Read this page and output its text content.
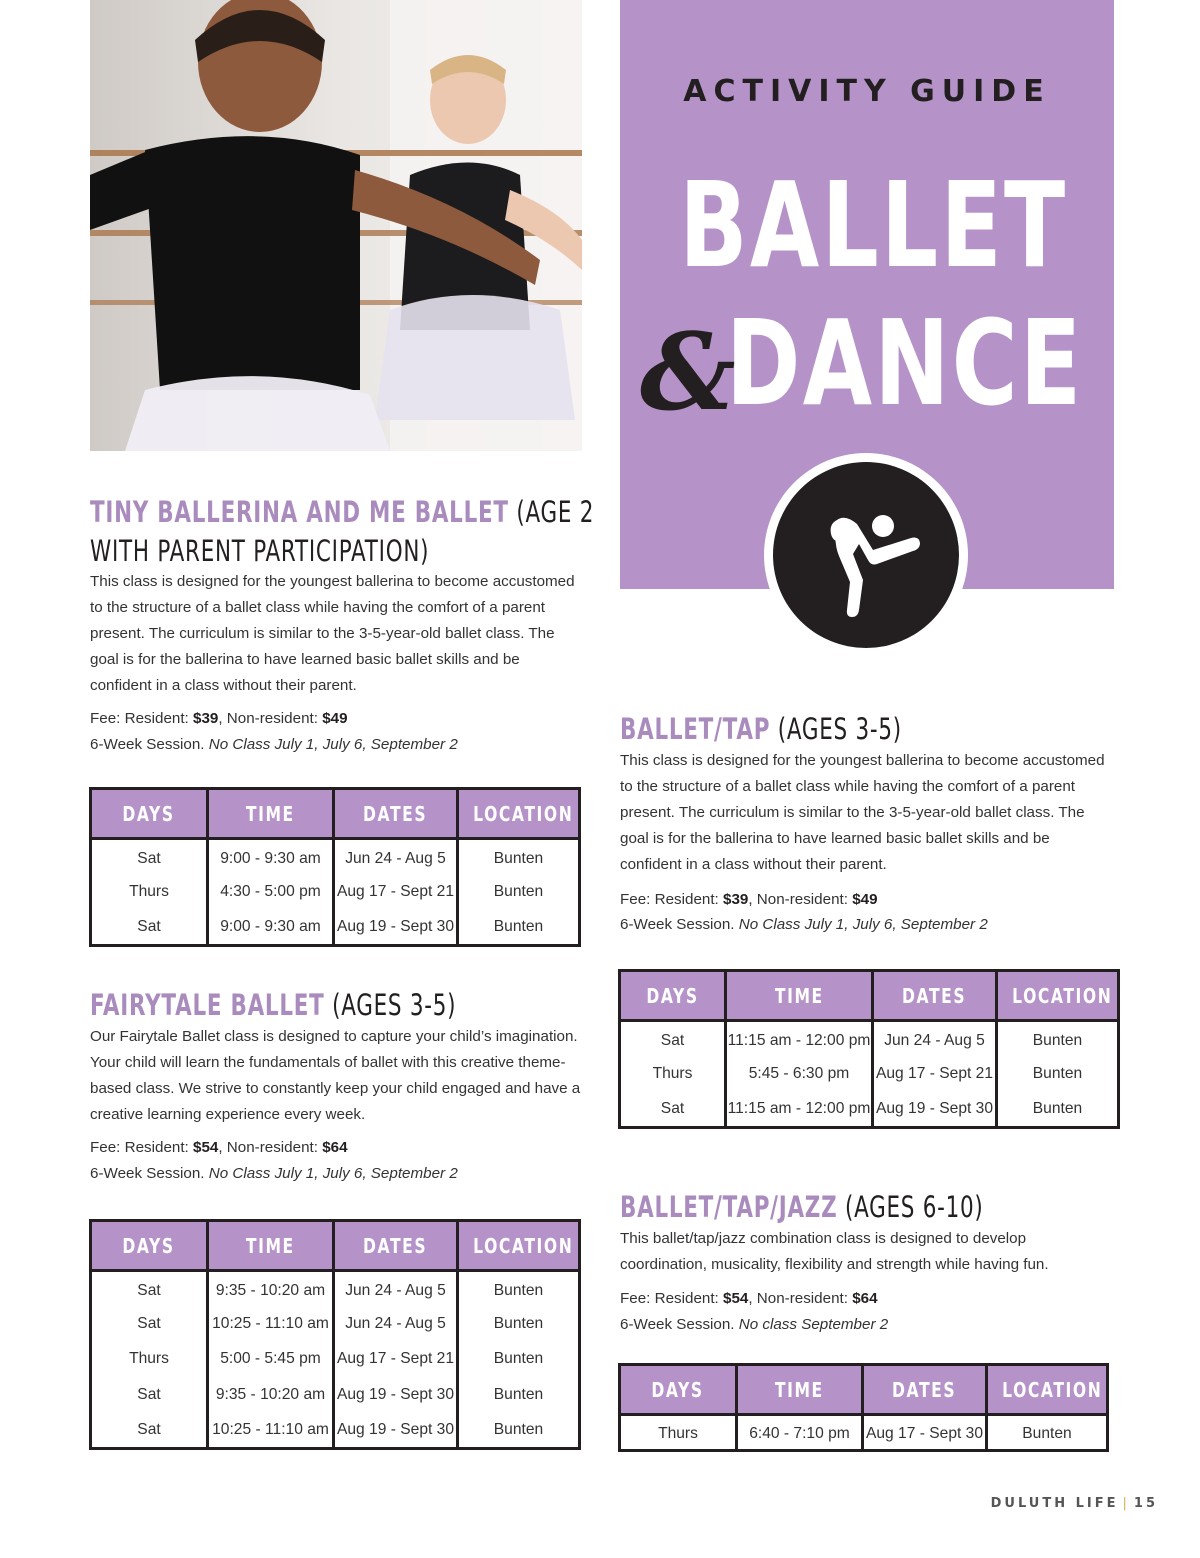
ACTIVITY GUIDE
BALLET
&
DANCE
TINY BALLERINA AND ME BALLET (AGE 2
WITH PARENT PARTICIPATION)

This class is designed for the youngest ballerina to become accustomed to the structure of a ballet class while having the comfort of a parent present. The curriculum is similar to the 3-5-year-old ballet class. The goal is for the ballerina to have learned basic ballet skills and be confident in a class without their parent.

Fee: Resident: $39, Non-resident: $49
6-Week Session. No Class July 1, July 6, September 2
DAYS	TIME	DATES	LOCATION
Sat	9:00 - 9:30 am	Jun 24 - Aug 5	Bunten
Thurs	4:30 - 5:00 pm	Aug 17 - Sept 21	Bunten
Sat	9:00 - 9:30 am	Aug 19 - Sept 30	Bunten
FAIRYTALE BALLET (AGES 3-5)

Our Fairytale Ballet class is designed to capture your child’s imagination. Your child will learn the fundamentals of ballet with this creative theme-based class. We strive to constantly keep your child engaged and have a creative learning experience every week.

Fee: Resident: $54, Non-resident: $64
6-Week Session. No Class July 1, July 6, September 2
DAYS	TIME	DATES	LOCATION
Sat	9:35 - 10:20 am	Jun 24 - Aug 5	Bunten
Sat	10:25 - 11:10 am	Jun 24 - Aug 5	Bunten
Thurs	5:00 - 5:45 pm	Aug 17 - Sept 21	Bunten
Sat	9:35 - 10:20 am	Aug 19 - Sept 30	Bunten
Sat	10:25 - 11:10 am	Aug 19 - Sept 30	Bunten
BALLET/TAP (AGES 3-5)

This class is designed for the youngest ballerina to become accustomed to the structure of a ballet class while having the comfort of a parent present. The curriculum is similar to the 3-5-year-old ballet class. The goal is for the ballerina to have learned basic ballet skills and be confident in a class without their parent.

Fee: Resident: $39, Non-resident: $49
6-Week Session. No Class July 1, July 6, September 2
DAYS	TIME	DATES	LOCATION
Sat	11:15 am - 12:00 pm	Jun 24 - Aug 5	Bunten
Thurs	5:45 - 6:30 pm	Aug 17 - Sept 21	Bunten
Sat	11:15 am - 12:00 pm	Aug 19 - Sept 30	Bunten
BALLET/TAP/JAZZ (AGES 6-10)

This ballet/tap/jazz combination class is designed to develop coordination, musicality, flexibility and strength while having fun.

Fee: Resident: $54, Non-resident: $64
6-Week Session. No class September 2
DAYS	TIME	DATES	LOCATION
Thurs	6:40 - 7:10 pm	Aug 17 - Sept 30	Bunten
DULUTH LIFE | 15
